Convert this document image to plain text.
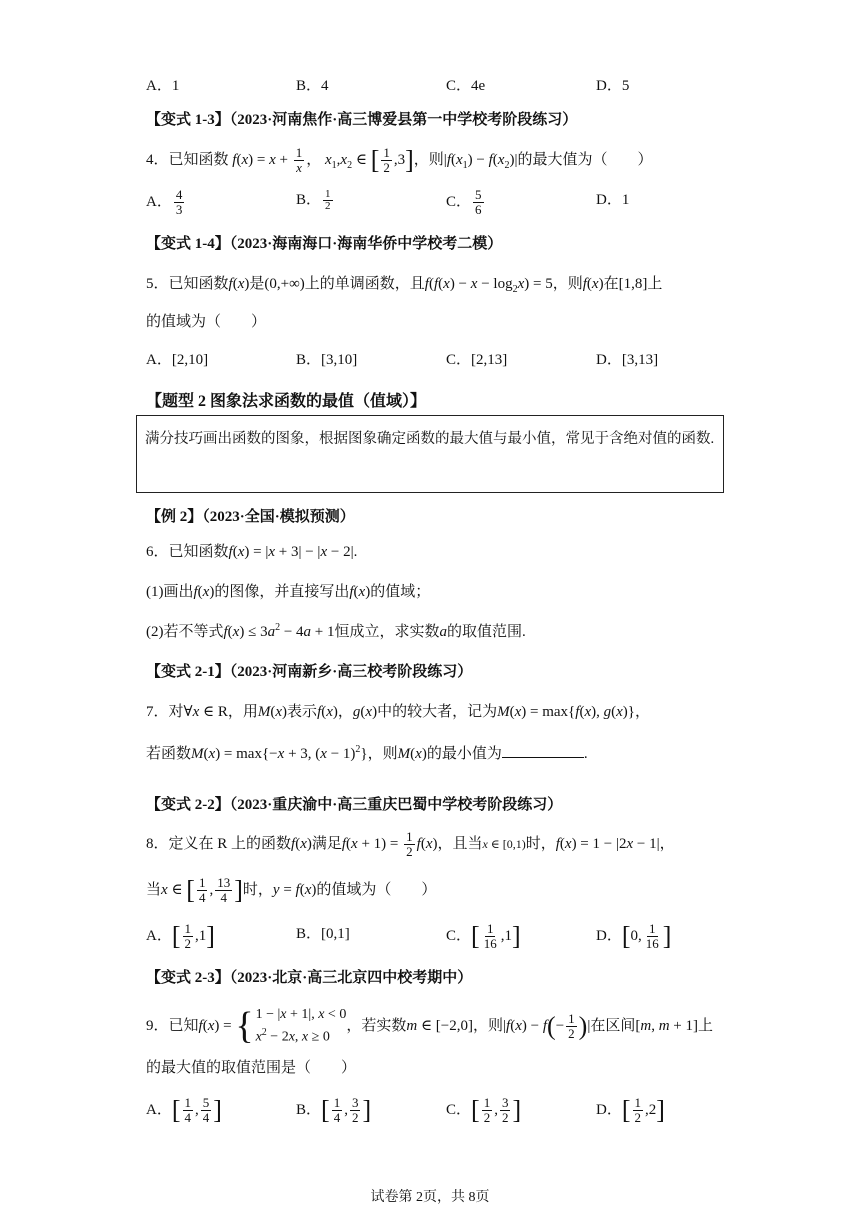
A．1	B．4	C．4e	D．5
【变式 1-3】（2023·河南焦作·高三博爱县第一中学校考阶段练习）
4．已知函数 $f(x) = x + \frac{1}{x}$ ， $x_1,x_2$ ∈ [ $\frac{1}{2} ,3$]，则$|f(x_1) - f(x_2)|$的最大值为（　　）
A． $\frac{4}{3}$	B． $\frac{1}{2}$	C． $\frac{5}{6}$	D．1
【变式 1-4】（2023·海南海口·海南华侨中学校考二模）
5．已知函数f(x)是(0,+∞)上的单调函数，且$f(f(x) - x - \log_2x) = 5$，则f(x)在[1,8]上
的值域为（　　）
A．[2,10]	B．[3,10]	C．[2,13]	D．[3,13]
【题型 2 图象法求函数的最值（值域）】
满分技巧画出函数的图象，根据图象确定函数的最大值与最小值，常见于含绝对值的函数.
【例 2】（2023·全国·模拟预测）
6．已知函数f(x) = |x + 3| − |x − 2|.
(1)画出f(x)的图像，并直接写出f(x)的值域；
(2)若不等式$f(x) \le 3a^2 - 4a + 1$恒成立，求实数a的取值范围.
【变式 2-1】（2023·河南新乡·高三校考阶段练习）
7．对∀x ∈ R，用M(x)表示f(x)，g(x)中的较大者，记为M(x) = max{f(x), g(x)}，
若函数M(x) = max{−x + 3, $(x - 1)^2$}，则M(x)的最小值为	.
【变式 2-2】（2023·重庆渝中·高三重庆巴蜀中学校考阶段练习）
8．定义在 R 上的函数f(x)满足$f(x + 1) = \frac{1}{2} f(x)$，且当x ∈ [0,1)时，f(x) = 1 − |2x − 1|，
当x ∈ [ $\frac{1}{4}$ , $\frac{13}{4}$ ]时，y = f(x)的值域为（　　）
A．[ $\frac{1}{2} ,1$]	B．[0,1]	C．[ $\frac{1}{16} ,1$]	D．[0, $\frac{1}{16}$ ]
【变式 2-3】（2023·北京·高三北京四中校考期中）
9．已知f(x) = { 1 − |x + 1|, x < 0
$x^2 - 2x$, x ≥ 0
，若实数m ∈ [−2,0]，则$|f(x) - f(- \frac{1}{2}$ )|在区间[m, m + 1]上
的最大值的取值范围是（　　）
A．[ $\frac{1}{4}$ , $\frac{5}{4}$ ]	B．[ $\frac{1}{4}$ , $\frac{3}{2}$ ]	C．[ $\frac{1}{2}$ , $\frac{3}{2}$ ]	D．[ $\frac{1}{2} ,2$]
试卷第 2页，共 8页
